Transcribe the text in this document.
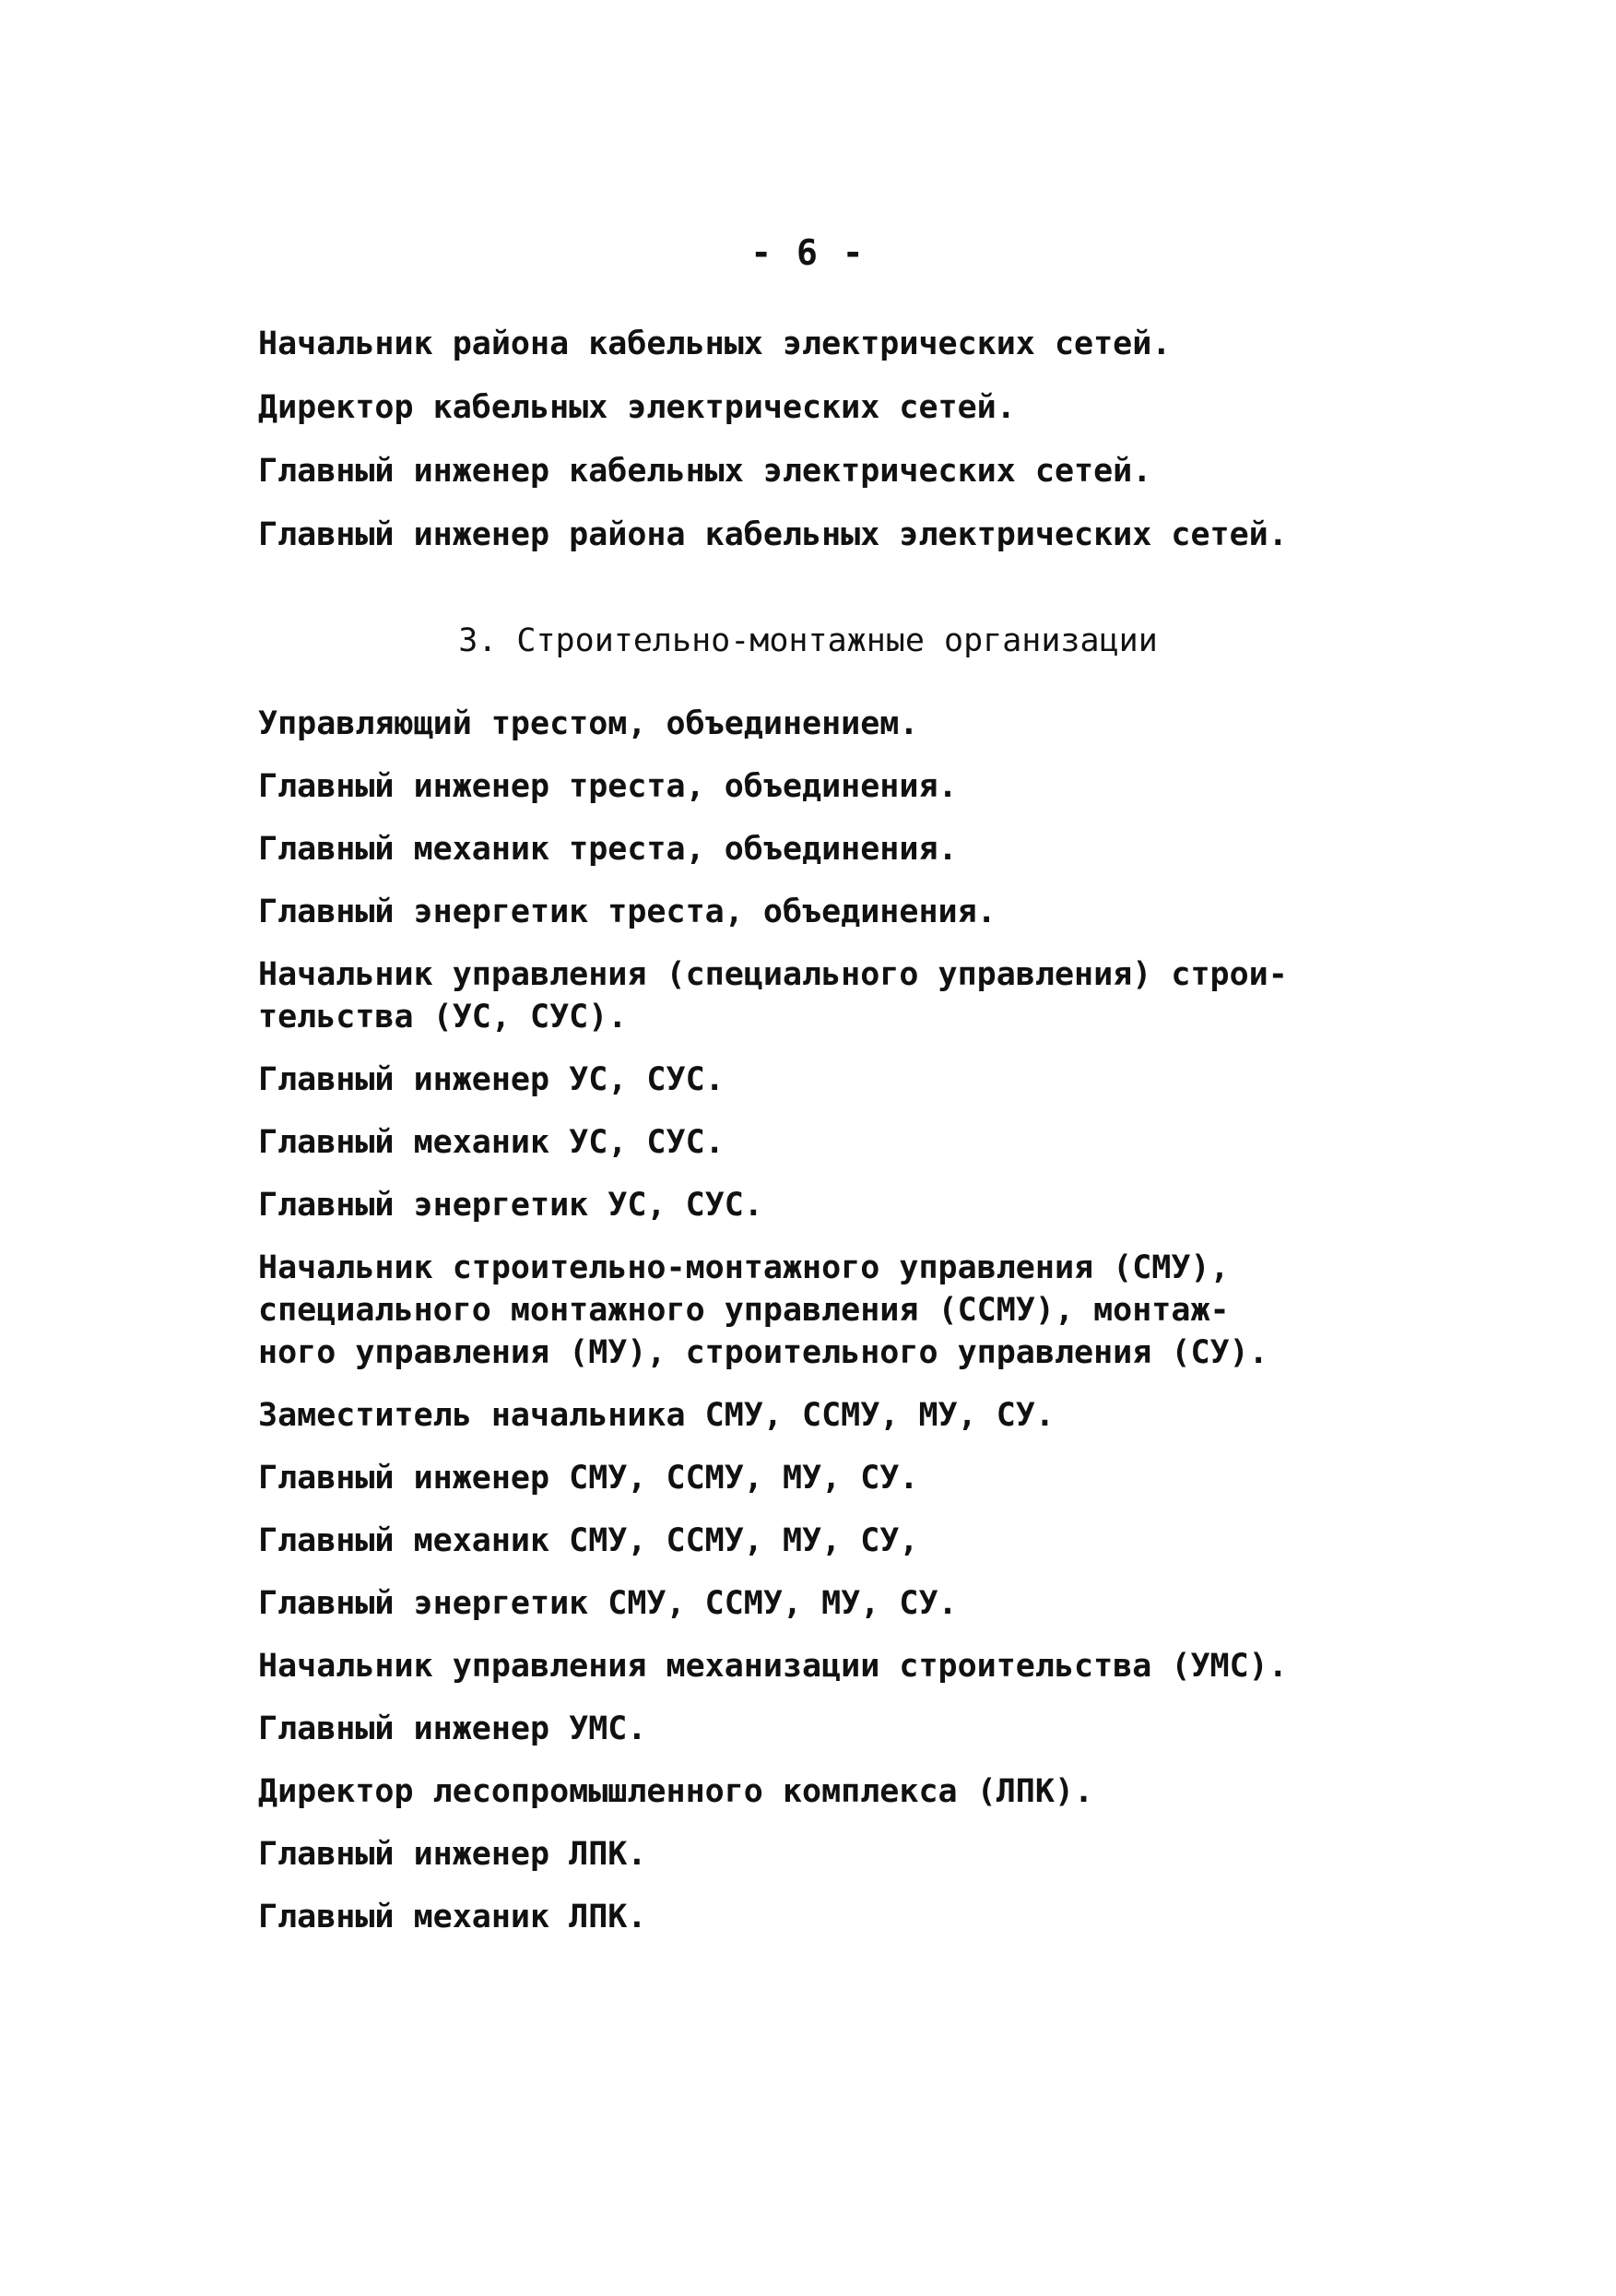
- 6 -

Начальник района кабельных электрических сетей.

Директор кабельных электрических сетей.

Главный инженер кабельных электрических сетей.

Главный инженер района кабельных электрических сетей.

3. Строительно-монтажные организации

Управляющий трестом, объединением.

Главный инженер треста, объединения.

Главный механик треста, объединения.

Главный энергетик треста, объединения.

Начальник управления (специального управления) строи-

тельства (УС, СУС).

Главный инженер УС, СУС.

Главный механик УС, СУС.

Главный энергетик УС, СУС.

Начальник строительно-монтажного управления (СМУ),

специального монтажного управления (ССМУ), монтаж-

ного управления (МУ), строительного управления (СУ).

Заместитель начальника СМУ, ССМУ, МУ, СУ.

Главный инженер СМУ, ССМУ, МУ, СУ.

Главный механик СМУ, ССМУ, МУ, СУ,

Главный энергетик СМУ, ССМУ, МУ, СУ.

Начальник управления механизации строительства (УМС).

Главный инженер УМС.

Директор лесопромышленного комплекса (ЛПК).

Главный инженер ЛПК.

Главный механик ЛПК.
